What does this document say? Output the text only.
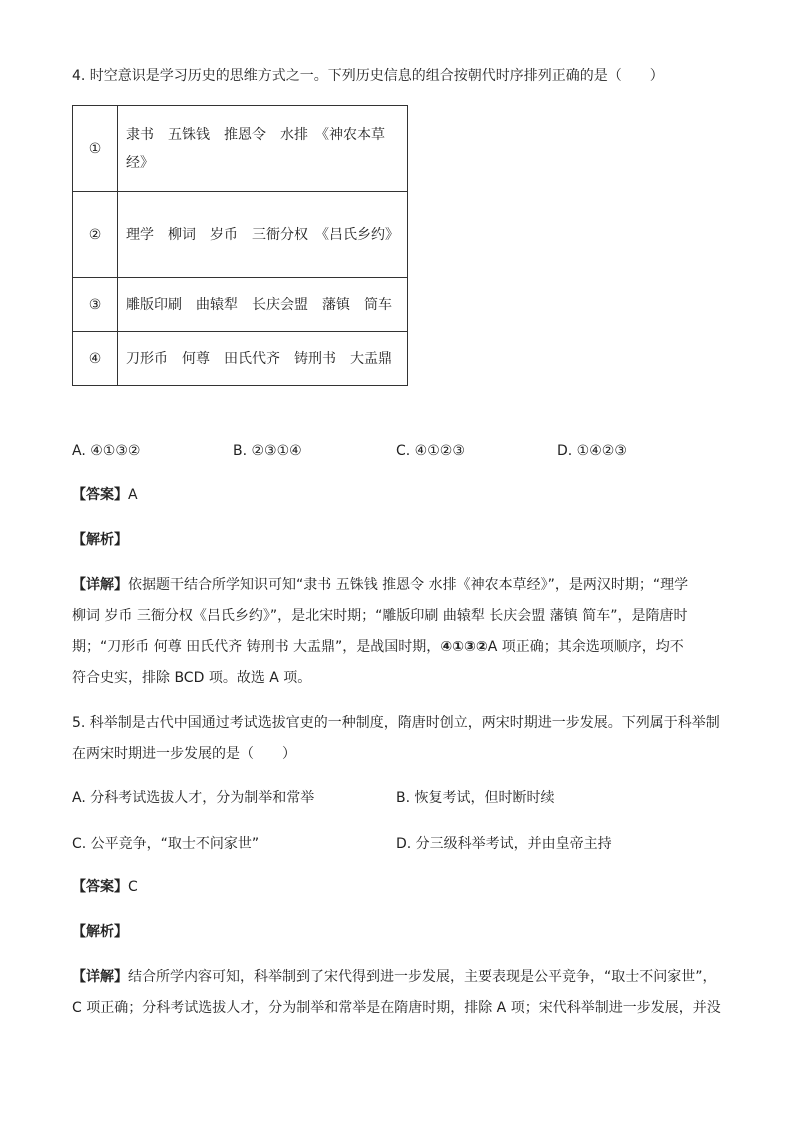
4. 时空意识是学习历史的思维方式之一。下列历史信息的组合按朝代时序排列正确的是（　　）
①	隶书　五铢钱　推恩令　水排　《神农本草经》
②	理学　柳词　岁币　三衙分权　《吕氏乡约》
③	雕版印刷　曲辕犁　长庆会盟　藩镇　筒车
④	刀形币　何尊　田氏代齐　铸刑书　大盂鼎
A. ④①③②	B. ②③①④	C. ④①②③	D. ①④②③
【答案】A
【解析】
【详解】依据题干结合所学知识可知“隶书 五铢钱 推恩令 水排《神农本草经》”，是两汉时期；“理学
柳词 岁币 三衙分权《吕氏乡约》”，是北宋时期；“雕版印刷 曲辕犁 长庆会盟 藩镇 简车”，是隋唐时
期；“刀形币 何尊 田氏代齐 铸刑书 大盂鼎”，是战国时期，④①③②A 项正确；其余选项顺序，均不
符合史实，排除 BCD 项。故选 A 项。
5. 科举制是古代中国通过考试选拔官吏的一种制度，隋唐时创立，两宋时期进一步发展。下列属于科举制
在两宋时期进一步发展的是（　　）
A. 分科考试选拔人才，分为制举和常举	B. 恢复考试，但时断时续
C. 公平竞争，“取士不问家世”	D. 分三级科举考试，并由皇帝主持
【答案】C
【解析】
【详解】结合所学内容可知，科举制到了宋代得到进一步发展，主要表现是公平竞争，“取士不问家世”，
C 项正确；分科考试选拔人才，分为制举和常举是在隋唐时期，排除 A 项；宋代科举制进一步发展，并没
